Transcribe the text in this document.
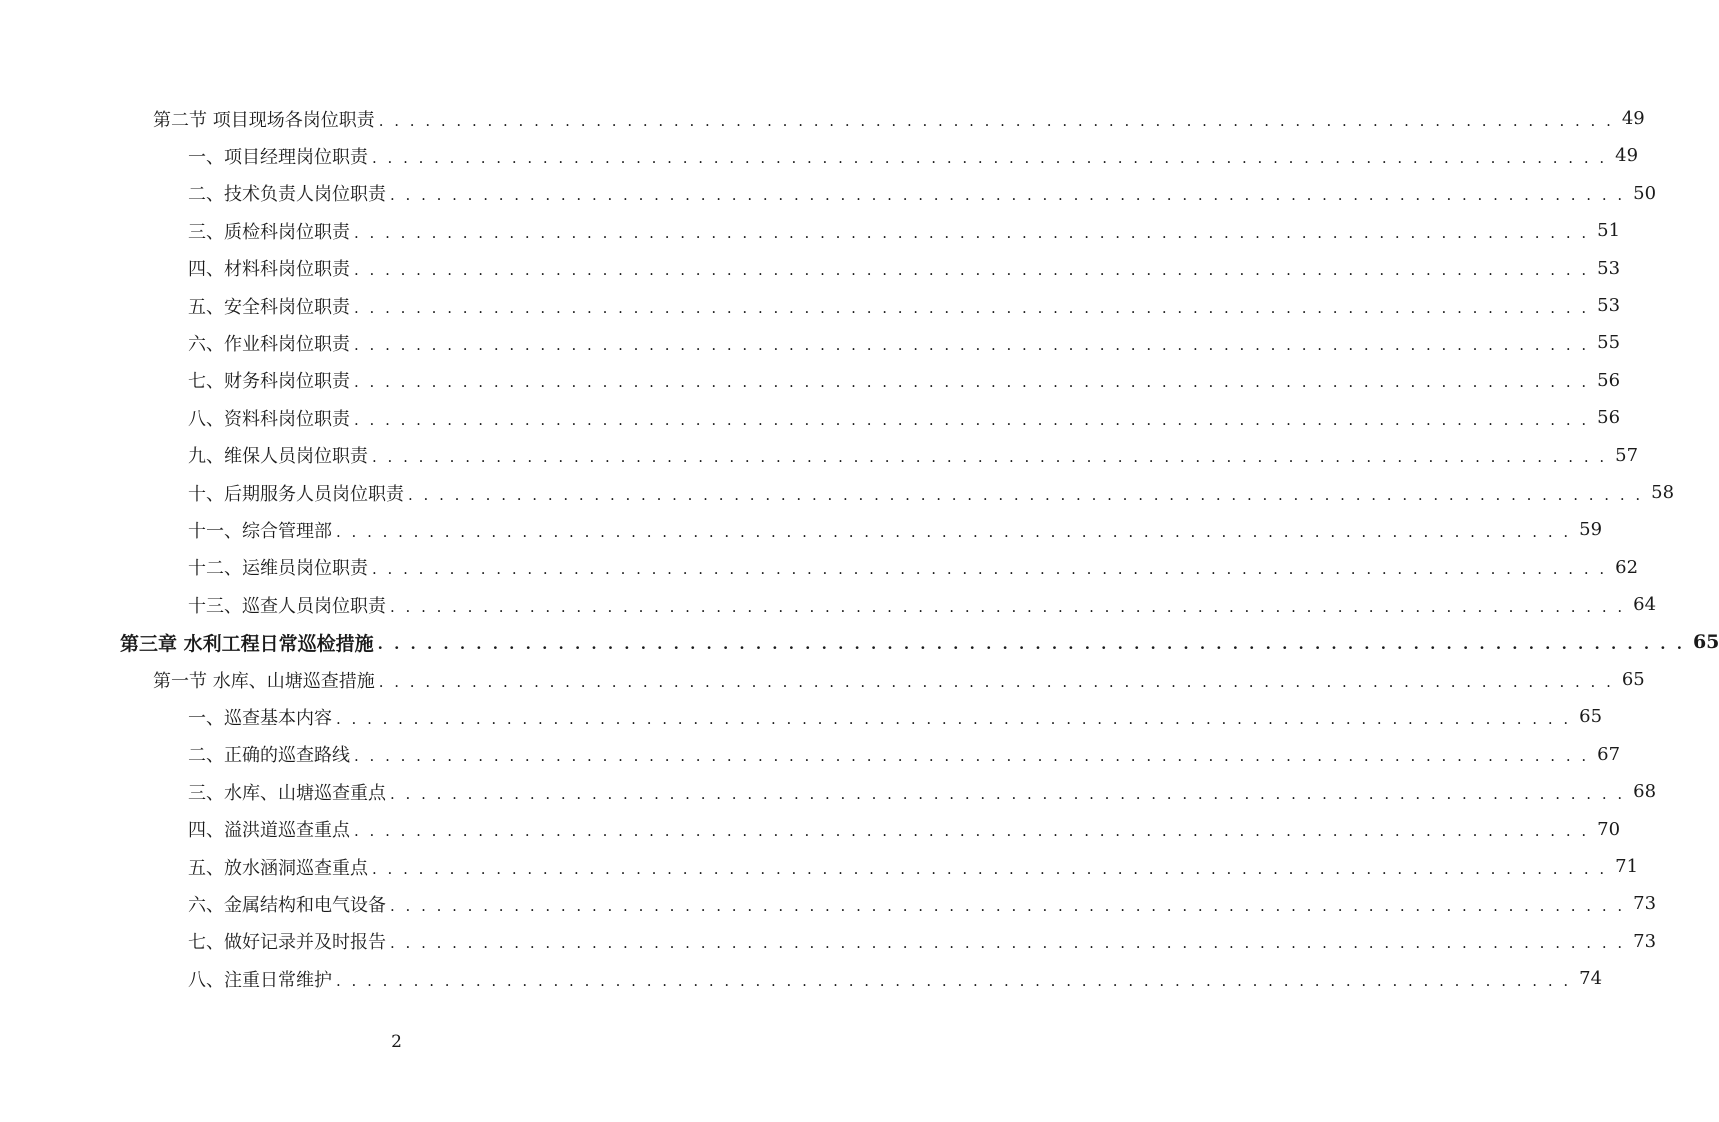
第二节 项目现场各岗位职责 . . . . . . . . . . . . . . . . . . . . . . . . . . . . . . . . . . . . . . . . . . . . . . . . . . . . . . . . . . . . . . . . . . . . . . . . . . . . . . . . 49
一、项目经理岗位职责 . . . . . . . . . . . . . . . . . . . . . . . . . . . . . . . . . . . . . . . . . . . . . . . . . . . . . . . . . . . . . . . . . . . . . . . . . . . . . . . . 49
二、技术负责人岗位职责 . . . . . . . . . . . . . . . . . . . . . . . . . . . . . . . . . . . . . . . . . . . . . . . . . . . . . . . . . . . . . . . . . . . . . . . . . . . . . . . . 50
三、质检科岗位职责 . . . . . . . . . . . . . . . . . . . . . . . . . . . . . . . . . . . . . . . . . . . . . . . . . . . . . . . . . . . . . . . . . . . . . . . . . . . . . . . . 51
四、材料科岗位职责 . . . . . . . . . . . . . . . . . . . . . . . . . . . . . . . . . . . . . . . . . . . . . . . . . . . . . . . . . . . . . . . . . . . . . . . . . . . . . . . . 53
五、安全科岗位职责 . . . . . . . . . . . . . . . . . . . . . . . . . . . . . . . . . . . . . . . . . . . . . . . . . . . . . . . . . . . . . . . . . . . . . . . . . . . . . . . . 53
六、作业科岗位职责 . . . . . . . . . . . . . . . . . . . . . . . . . . . . . . . . . . . . . . . . . . . . . . . . . . . . . . . . . . . . . . . . . . . . . . . . . . . . . . . . 55
七、财务科岗位职责 . . . . . . . . . . . . . . . . . . . . . . . . . . . . . . . . . . . . . . . . . . . . . . . . . . . . . . . . . . . . . . . . . . . . . . . . . . . . . . . . 56
八、资料科岗位职责 . . . . . . . . . . . . . . . . . . . . . . . . . . . . . . . . . . . . . . . . . . . . . . . . . . . . . . . . . . . . . . . . . . . . . . . . . . . . . . . . 56
九、维保人员岗位职责 . . . . . . . . . . . . . . . . . . . . . . . . . . . . . . . . . . . . . . . . . . . . . . . . . . . . . . . . . . . . . . . . . . . . . . . . . . . . . . . . 57
十、后期服务人员岗位职责 . . . . . . . . . . . . . . . . . . . . . . . . . . . . . . . . . . . . . . . . . . . . . . . . . . . . . . . . . . . . . . . . . . . . . . . . . . . . . . . . 58
十一、综合管理部 . . . . . . . . . . . . . . . . . . . . . . . . . . . . . . . . . . . . . . . . . . . . . . . . . . . . . . . . . . . . . . . . . . . . . . . . . . . . . . . . 59
十二、运维员岗位职责 . . . . . . . . . . . . . . . . . . . . . . . . . . . . . . . . . . . . . . . . . . . . . . . . . . . . . . . . . . . . . . . . . . . . . . . . . . . . . . . . 62
十三、巡查人员岗位职责 . . . . . . . . . . . . . . . . . . . . . . . . . . . . . . . . . . . . . . . . . . . . . . . . . . . . . . . . . . . . . . . . . . . . . . . . . . . . . . . . 64
第三章 水利工程日常巡检措施 . . . . . . . . . . . . . . . . . . . . . . . . . . . . . . . . . . . . . . . . . . . . . . . . . . . . . . . . . . . . . . . . . . . . . . . . . . . . . . . . 65
第一节 水库、山塘巡查措施 . . . . . . . . . . . . . . . . . . . . . . . . . . . . . . . . . . . . . . . . . . . . . . . . . . . . . . . . . . . . . . . . . . . . . . . . . . . . . . . . 65
一、巡查基本内容 . . . . . . . . . . . . . . . . . . . . . . . . . . . . . . . . . . . . . . . . . . . . . . . . . . . . . . . . . . . . . . . . . . . . . . . . . . . . . . . . 65
二、正确的巡查路线 . . . . . . . . . . . . . . . . . . . . . . . . . . . . . . . . . . . . . . . . . . . . . . . . . . . . . . . . . . . . . . . . . . . . . . . . . . . . . . . . 67
三、水库、山塘巡查重点 . . . . . . . . . . . . . . . . . . . . . . . . . . . . . . . . . . . . . . . . . . . . . . . . . . . . . . . . . . . . . . . . . . . . . . . . . . . . . . . . 68
四、溢洪道巡查重点 . . . . . . . . . . . . . . . . . . . . . . . . . . . . . . . . . . . . . . . . . . . . . . . . . . . . . . . . . . . . . . . . . . . . . . . . . . . . . . . . 70
五、放水涵洞巡查重点 . . . . . . . . . . . . . . . . . . . . . . . . . . . . . . . . . . . . . . . . . . . . . . . . . . . . . . . . . . . . . . . . . . . . . . . . . . . . . . . . 71
六、金属结构和电气设备 . . . . . . . . . . . . . . . . . . . . . . . . . . . . . . . . . . . . . . . . . . . . . . . . . . . . . . . . . . . . . . . . . . . . . . . . . . . . . . . . 73
七、做好记录并及时报告 . . . . . . . . . . . . . . . . . . . . . . . . . . . . . . . . . . . . . . . . . . . . . . . . . . . . . . . . . . . . . . . . . . . . . . . . . . . . . . . . 73
八、注重日常维护 . . . . . . . . . . . . . . . . . . . . . . . . . . . . . . . . . . . . . . . . . . . . . . . . . . . . . . . . . . . . . . . . . . . . . . . . . . . . . . . . 74
2
